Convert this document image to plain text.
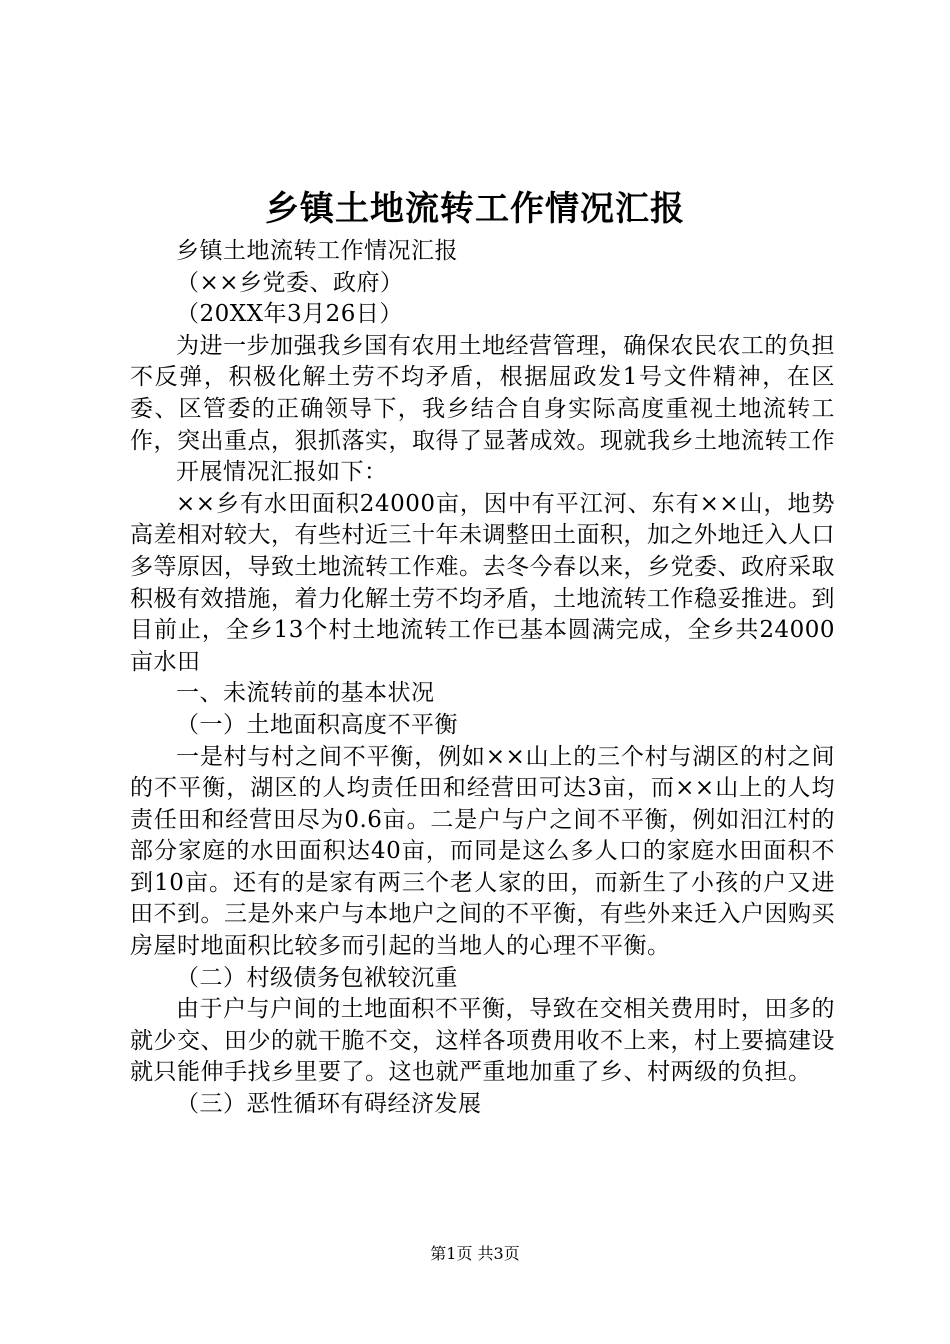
乡镇土地流转工作情况汇报

乡镇土地流转工作情况汇报

（××乡党委、政府）

（20XX年3月26日）

为进一步加强我乡国有农用土地经营管理，确保农民农工的负担不反弹，积极化解土劳不均矛盾，根据屈政发1号文件精神，在区委、区管委的正确领导下，我乡结合自身实际高度重视土地流转工作，突出重点，狠抓落实，取得了显著成效。现就我乡土地流转工作

开展情况汇报如下：

××乡有水田面积24000亩，因中有平江河、东有××山，地势高差相对较大，有些村近三十年未调整田土面积，加之外地迁入人口多等原因，导致土地流转工作难。去冬今春以来，乡党委、政府采取积极有效措施，着力化解土劳不均矛盾，土地流转工作稳妥推进。到目前止，全乡13个村土地流转工作已基本圆满完成，全乡共24000亩水田

一、未流转前的基本状况

（一）土地面积高度不平衡

一是村与村之间不平衡，例如××山上的三个村与湖区的村之间的不平衡，湖区的人均责任田和经营田可达3亩，而××山上的人均责任田和经营田尽为0.6亩。二是户与户之间不平衡，例如汨江村的部分家庭的水田面积达40亩，而同是这么多人口的家庭水田面积不到10亩。还有的是家有两三个老人家的田，而新生了小孩的户又进田不到。三是外来户与本地户之间的不平衡，有些外来迁入户因购买房屋时地面积比较多而引起的当地人的心理不平衡。

（二）村级债务包袱较沉重

由于户与户间的土地面积不平衡，导致在交相关费用时，田多的就少交、田少的就干脆不交，这样各项费用收不上来，村上要搞建设就只能伸手找乡里要了。这也就严重地加重了乡、村两级的负担。

（三）恶性循环有碍经济发展

第1页 共3页
